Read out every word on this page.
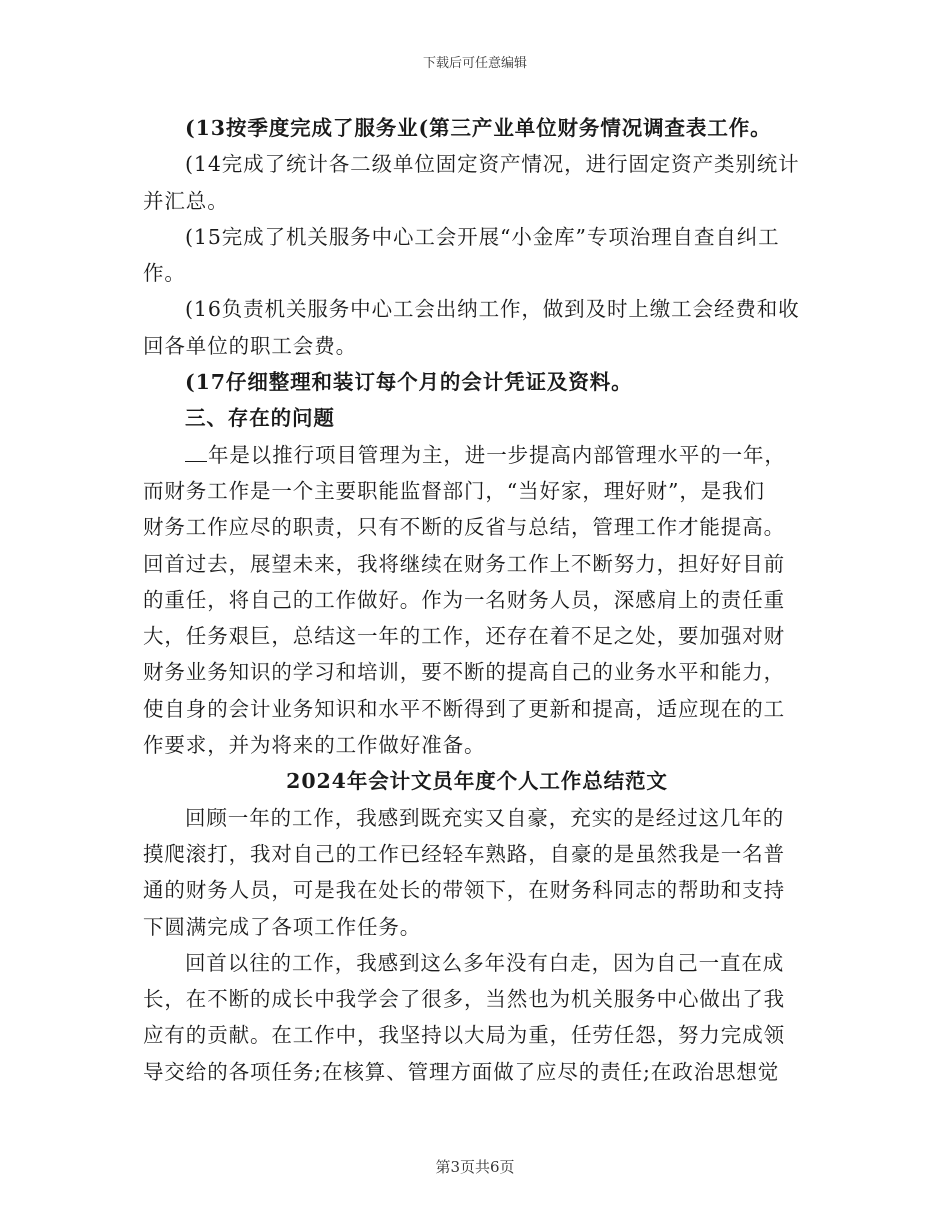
下载后可任意编辑
(13按季度完成了服务业(第三产业单位财务情况调查表工作。
(14完成了统计各二级单位固定资产情况，进行固定资产类别统计
并汇总。
(15完成了机关服务中心工会开展“小金库”专项治理自查自纠工
作。
(16负责机关服务中心工会出纳工作，做到及时上缴工会经费和收
回各单位的职工会费。
(17仔细整理和装订每个月的会计凭证及资料。
三、存在的问题
年是以推行项目管理为主，进一步提高内部管理水平的一年，
而财务工作是一个主要职能监督部门，“当好家，理好财”，是我们
财务工作应尽的职责，只有不断的反省与总结，管理工作才能提高。
回首过去，展望未来，我将继续在财务工作上不断努力，担好好目前
的重任，将自己的工作做好。作为一名财务人员，深感肩上的责任重
大，任务艰巨，总结这一年的工作，还存在着不足之处，要加强对财
财务业务知识的学习和培训，要不断的提高自己的业务水平和能力，
使自身的会计业务知识和水平不断得到了更新和提高，适应现在的工
作要求，并为将来的工作做好准备。
2024年会计文员年度个人工作总结范文
回顾一年的工作，我感到既充实又自豪，充实的是经过这几年的
摸爬滚打，我对自己的工作已经轻车熟路，自豪的是虽然我是一名普
通的财务人员，可是我在处长的带领下，在财务科同志的帮助和支持
下圆满完成了各项工作任务。
回首以往的工作，我感到这么多年没有白走，因为自己一直在成
长，在不断的成长中我学会了很多，当然也为机关服务中心做出了我
应有的贡献。在工作中，我坚持以大局为重，任劳任怨，努力完成领
导交给的各项任务;在核算、管理方面做了应尽的责任;在政治思想觉
第3页共6页
